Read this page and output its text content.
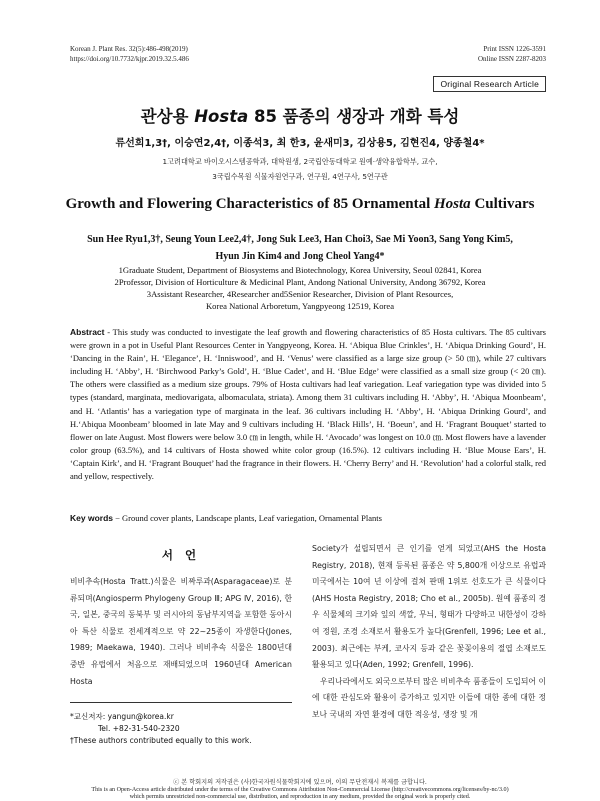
Korean J. Plant Res. 32(5):486-498(2019)
https://doi.org/10.7732/kjpr.2019.32.5.486
Print ISSN 1226-3591
Online ISSN 2287-8203
Original Research Article
관상용 Hosta 85 품종의 생장과 개화 특성
류선희1,3†, 이승연2,4†, 이종석3, 최 한3, 윤새미3, 김상용5, 김현진4, 양종철4*
1고려대학교 바이오시스템공학과, 대학원생, 2국립안동대학교 원예·생약융합학부, 교수,
3국립수목원 식물자원연구과, 연구원, 4연구사, 5연구관
Growth and Flowering Characteristics of 85 Ornamental Hosta Cultivars
Sun Hee Ryu1,3†, Seung Youn Lee2,4†, Jong Suk Lee3, Han Choi3, Sae Mi Yoon3, Sang Yong Kim5,
Hyun Jin Kim4 and Jong Cheol Yang4*
1Graduate Student, Department of Biosystems and Biotechnology, Korea University, Seoul 02841, Korea
2Professor, Division of Horticulture & Medicinal Plant, Andong National University, Andong 36792, Korea
3Assistant Researcher, 4Researcher and5Senior Researcher, Division of Plant Resources,
Korea National Arboretum, Yangpyeong 12519, Korea
Abstract - This study was conducted to investigate the leaf growth and flowering characteristics of 85 Hosta cultivars. The 85 cultivars were grown in a pot in Useful Plant Resources Center in Yangpyeong, Korea. H. ‘Abiqua Blue Crinkles’, H. ‘Abiqua Drinking Gourd’, H. ‘Dancing in the Rain’, H. ‘Elegance’, H. ‘Inniswood’, and H. ‘Venus’ were classified as a large size group (> 50 ㎝), while 27 cultivars including H. ‘Abby’, H. ‘Birchwood Parky’s Gold’, H. ‘Blue Cadet’, and H. ‘Blue Edge’ were classified as a small size group (< 20 ㎝). The others were classified as a medium size groups. 79% of Hosta cultivars had leaf variegation. Leaf variegation type was divided into 5 types (standard, marginata, mediovarigata, albomaculata, striata). Among them 31 cultivars including H. ‘Abby’, H. ‘Abiqua Moonbeam’, and H. ‘Atlantis’ has a variegation type of marginata in the leaf. 36 cultivars including H. ‘Abby’, H. ‘Abiqua Drinking Gourd’, and H.‘Abiqua Moonbeam’ bloomed in late May and 9 cultivars including H. ‘Black Hills’, H. ‘Boeun’, and H. ‘Fragrant Bouquet’ started to flower on late August. Most flowers were below 3.0 ㎝ in length, while H. ‘Avocado’ was longest on 10.0 ㎝. Most flowers have a lavender color group (63.5%), and 14 cultivars of Hosta showed white color group (16.5%). 12 cultivars including H. ‘Blue Mouse Ears’, H. ‘Captain Kirk’, and H. ‘Fragrant Bouquet’ had the fragrance in their flowers. H. ‘Cherry Berry’ and H. ‘Revolution’ had a colorful stalk, red and yellow, respectively.
Key words − Ground cover plants, Landscape plants, Leaf variegation, Ornamental Plants
서 언
비비추속(Hosta Tratt.)식물은 비짜루과(Asparagaceae)로 분류되며(Angiosperm Phylogeny Group Ⅲ; APG Ⅳ, 2016), 한국, 일본, 중국의 동북부 및 러시아의 동남부지역을 포함한 동아시아 특산 식물로 전세계적으로 약 22~25종이 자생한다(Jones, 1989; Maekawa, 1940). 그러나 비비추속 식물은 1800년대 중반 유럽에서 처음으로 재배되었으며 1960년대 American Hosta
Society가 설립되면서 큰 인기를 얻게 되었고(AHS the Hosta Registry, 2018), 현재 등록된 품종은 약 5,800개 이상으로 유럽과 미국에서는 10여 년 이상에 걸쳐 판매 1위로 선호도가 큰 식물이다(AHS Hosta Registry, 2018; Cho et al., 2005b). 원예 품종의 경우 식물체의 크기와 잎의 색깔, 무늬, 형태가 다양하고 내한성이 강하여 정원, 조경 소재로서 활용도가 높다(Grenfell, 1996; Lee et al., 2003). 최근에는 부케, 코사지 등과 같은 꽃꽂이용의 절엽 소재로도 활용되고 있다(Aden, 1992; Grenfell, 1996).
우리나라에서도 외국으로부터 많은 비비추속 품종들이 도입되어 이에 대한 관심도와 활용이 증가하고 있지만 이들에 대한 종에 대한 정보나 국내의 자연 환경에 대한 적응성, 생장 및 개
*교신저자: yangun@korea.kr
Tel. +82-31-540-2320
†These authors contributed equally to this work.
ⓒ 본 학회지의 저작권은 (사)한국자원식물학회지에 있으며, 이의 무단전재시 복제를 금합니다.
This is an Open-Access article distributed under the terms of the Creative Commons Attribution Non-Commercial License (http://creativecommons.org/licenses/by-nc/3.0)
which permits unrestricted non-commercial use, distribution, and reproduction in any medium, provided the original work is properly cited.
